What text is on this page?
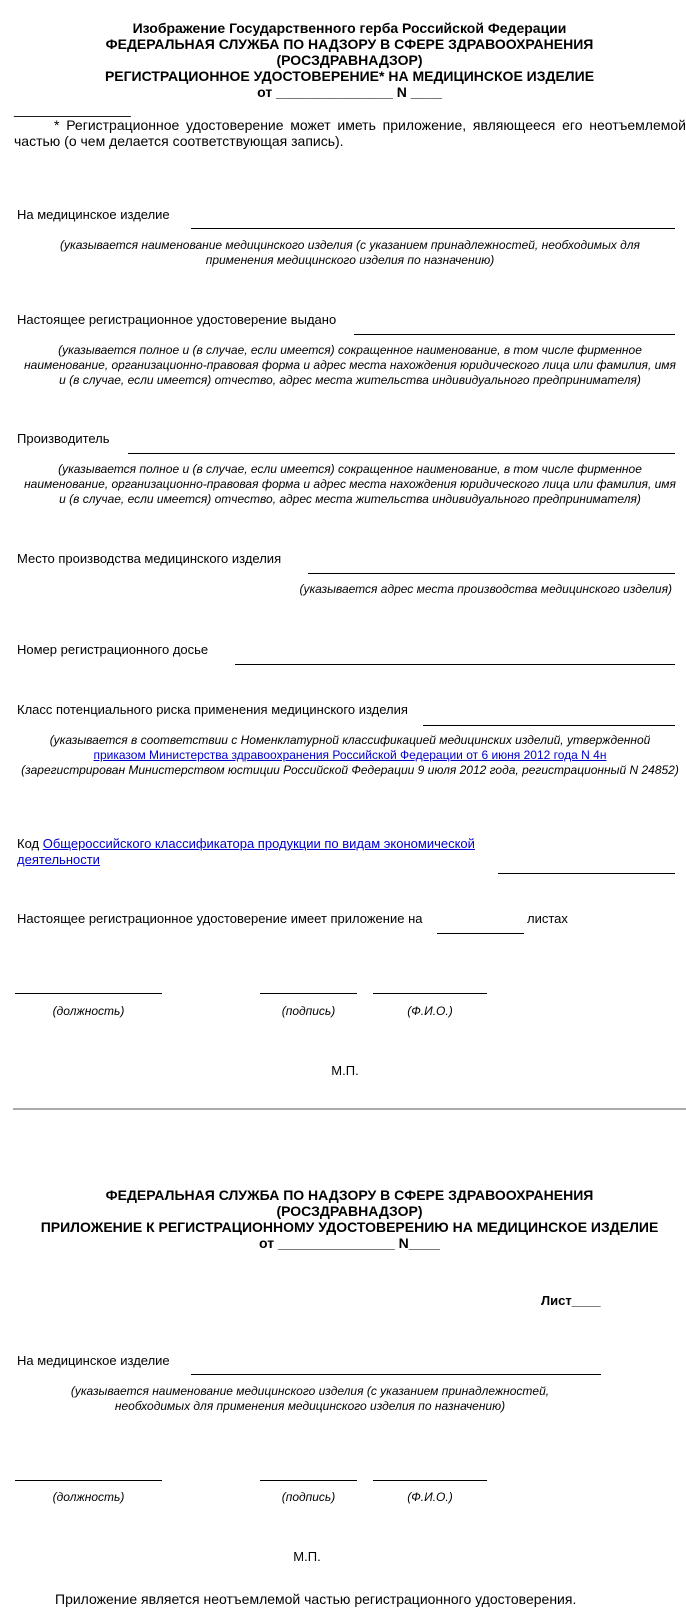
Изображение Государственного герба Российской Федерации
ФЕДЕРАЛЬНАЯ СЛУЖБА ПО НАДЗОРУ В СФЕРЕ ЗДРАВООХРАНЕНИЯ
(РОСЗДРАВНАДЗОР)
РЕГИСТРАЦИОННОЕ УДОСТОВЕРЕНИЕ* НА МЕДИЦИНСКОЕ ИЗДЕЛИЕ
от _______________ N ____
_______________
* Регистрационное удостоверение может иметь приложение, являющееся его неотъемлемой частью (о чем делается соответствующая запись).
На медицинское изделие
(указывается наименование медицинского изделия (с указанием принадлежностей, необходимых для применения медицинского изделия по назначению)
Настоящее регистрационное удостоверение выдано
(указывается полное и (в случае, если имеется) сокращенное наименование, в том числе фирменное наименование, организационно-правовая форма и адрес места нахождения юридического лица или фамилия, имя и (в случае, если имеется) отчество, адрес места жительства индивидуального предпринимателя)
Производитель
(указывается полное и (в случае, если имеется) сокращенное наименование, в том числе фирменное наименование, организационно-правовая форма и адрес места нахождения юридического лица или фамилия, имя и (в случае, если имеется) отчество, адрес места жительства индивидуального предпринимателя)
Место производства медицинского изделия
(указывается адрес места производства медицинского изделия)
Номер регистрационного досье
Класс потенциального риска применения медицинского изделия
(указывается в соответствии с Номенклатурной классификацией медицинских изделий, утвержденной
приказом Министерства здравоохранения Российской Федерации от 6 июня 2012 года N 4н
(зарегистрирован Министерством юстиции Российской Федерации 9 июля 2012 года, регистрационный N 24852)
Код Общероссийского классификатора продукции по видам экономической деятельности
Настоящее регистрационное удостоверение имеет приложение на	листах
(должность)	(подпись)	(Ф.И.О.)
М.П.
ФЕДЕРАЛЬНАЯ СЛУЖБА ПО НАДЗОРУ В СФЕРЕ ЗДРАВООХРАНЕНИЯ
(РОСЗДРАВНАДЗОР)
ПРИЛОЖЕНИЕ К РЕГИСТРАЦИОННОМУ УДОСТОВЕРЕНИЮ НА МЕДИЦИНСКОЕ ИЗДЕЛИЕ
от _______________ N____
Лист____
На медицинское изделие
(указывается наименование медицинского изделия (с указанием принадлежностей, необходимых для применения медицинского изделия по назначению)
(должность)	(подпись)	(Ф.И.О.)
М.П.
Приложение является неотъемлемой частью регистрационного удостоверения.
